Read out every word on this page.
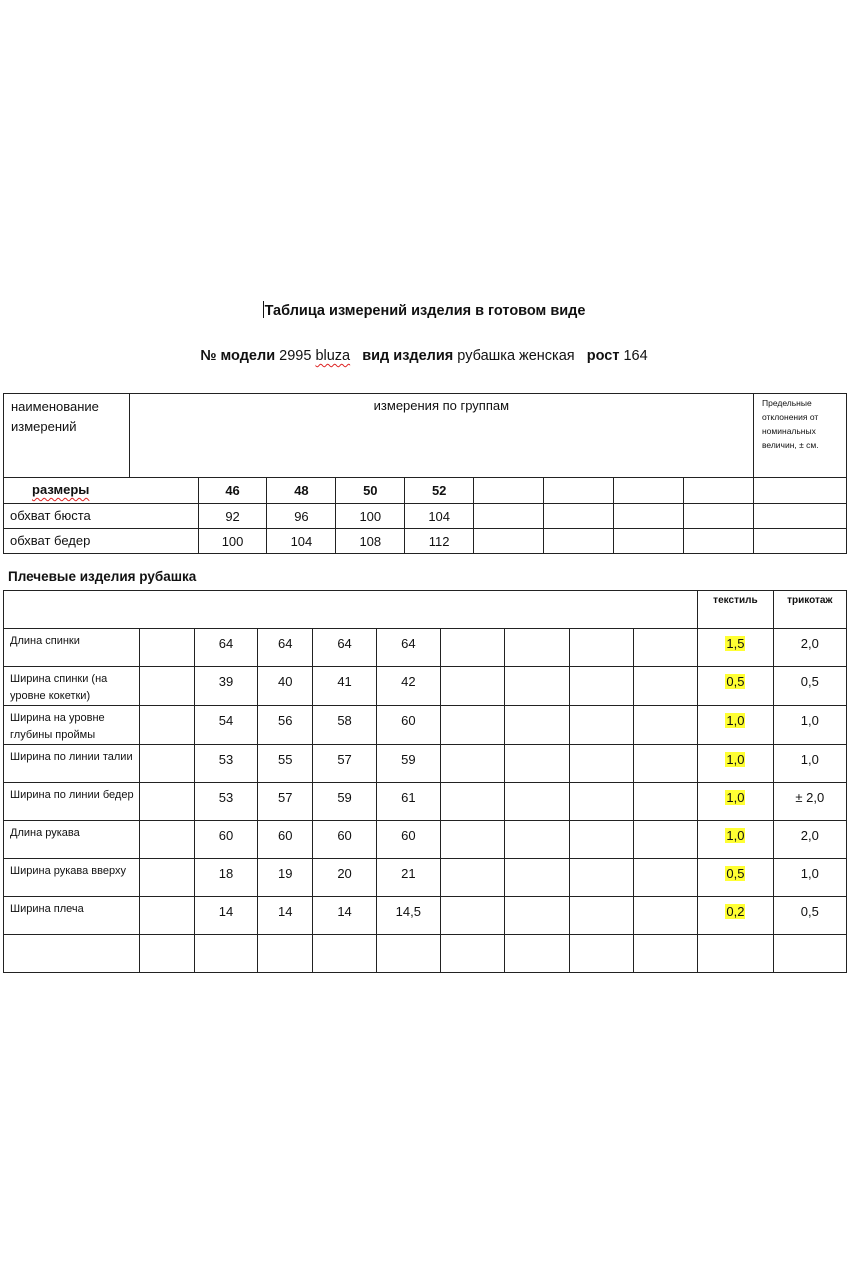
Таблица измерений изделия в готовом виде
№ модели 2995 bluza вид изделия рубашка женская рост 164
наименование измерений	измерения по группам									Предельные отклонения от номинальных величин, ± см.
размеры		46	48	50	52					
обхват бюста		92	96	100	104					
обхват бедер		100	104	108	112					
Плечевые изделия рубашка
										текстиль	трикотаж
Длина спинки		64	64	64	64					1,5	2,0
Ширина спинки (на уровне кокетки)		39	40	41	42					0,5	0,5
Ширина на уровне глубины проймы		54	56	58	60					1,0	1,0
Ширина по линии талии		53	55	57	59					1,0	1,0
Ширина по линии бедер		53	57	59	61					1,0	± 2,0
Длина рукава		60	60	60	60					1,0	2,0
Ширина рукава вверху		18	19	20	21					0,5	1,0
Ширина плеча		14	14	14	14,5					0,2	0,5
